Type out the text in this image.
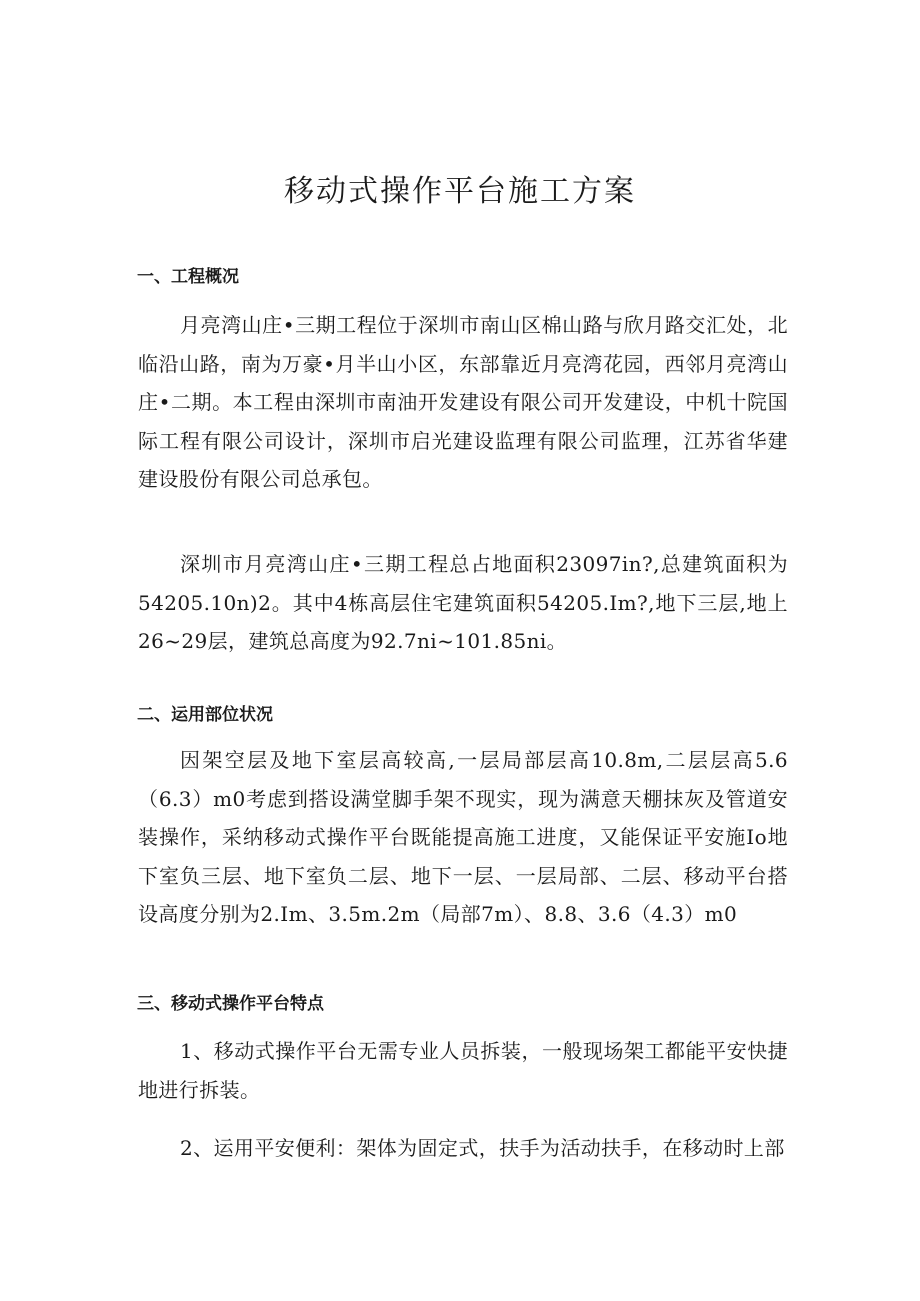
移动式操作平台施工方案
一、工程概况

月亮湾山庄•三期工程位于深圳市南山区棉山路与欣月路交汇处，北临沿山路，南为万豪•月半山小区，东部靠近月亮湾花园，西邻月亮湾山庄•二期。本工程由深圳市南油开发建设有限公司开发建设，中机十院国际工程有限公司设计，深圳市启光建设监理有限公司监理，江苏省华建建设股份有限公司总承包。

深圳市月亮湾山庄•三期工程总占地面积23097in?,总建筑面积为54205.10n)2。其中4栋高层住宅建筑面积54205.Im?,地下三层,地上26~29层，建筑总高度为92.7ni~101.85ni。

二、运用部位状况

因架空层及地下室层高较高,一层局部层高10.8m,二层层高5.6（6.3）m0考虑到搭设满堂脚手架不现实，现为满意天棚抹灰及管道安装操作，采纳移动式操作平台既能提高施工进度，又能保证平安施Io地下室负三层、地下室负二层、地下一层、一层局部、二层、移动平台搭设高度分别为2.Im、3.5m.2m（局部7m）、8.8、3.6（4.3）m0

三、移动式操作平台特点

1、移动式操作平台无需专业人员拆装，一般现场架工都能平安快捷地进行拆装。

2、运用平安便利：架体为固定式，扶手为活动扶手，在移动时上部
